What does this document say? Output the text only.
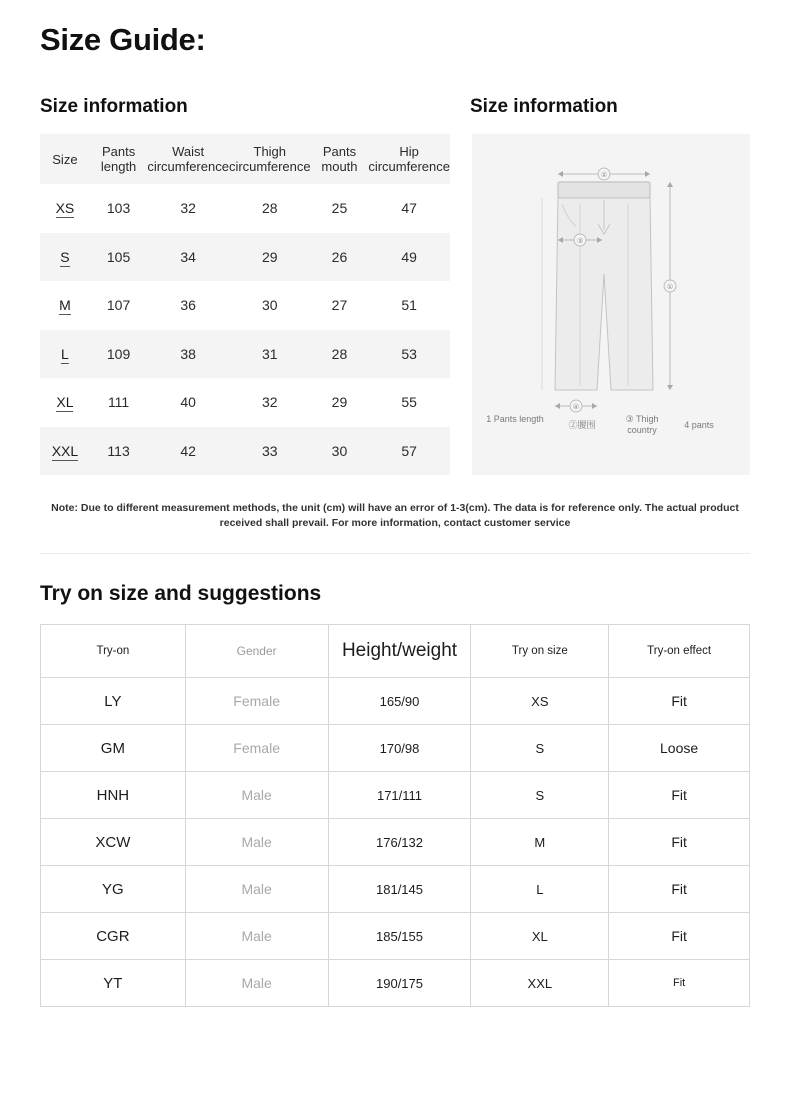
Size Guide:
Size information	Size information
Size	Pants length	Waist circumference	Thigh circumference	Pants mouth	Hip circumference
XS	103	32	28	25	47
S	105	34	29	26	49
M	107	36	30	27	51
L	109	38	31	28	53
XL	111	40	32	29	55
XXL	113	42	33	30	57
②
③
①
④
1 Pants length
②腰围
③ Thigh country	4 pants
Note: Due to different measurement methods, the unit (cm) will have an error of 1-3(cm). The data is for reference only. The actual product received shall prevail. For more information, contact customer service
Try on size and suggestions
Try-on	Gender	Height/weight	Try on size	Try-on effect
LY	Female	165/90	XS	Fit
GM	Female	170/98	S	Loose
HNH	Male	171/111	S	Fit
XCW	Male	176/132	M	Fit
YG	Male	181/145	L	Fit
CGR	Male	185/155	XL	Fit
YT	Male	190/175	XXL	Fit
